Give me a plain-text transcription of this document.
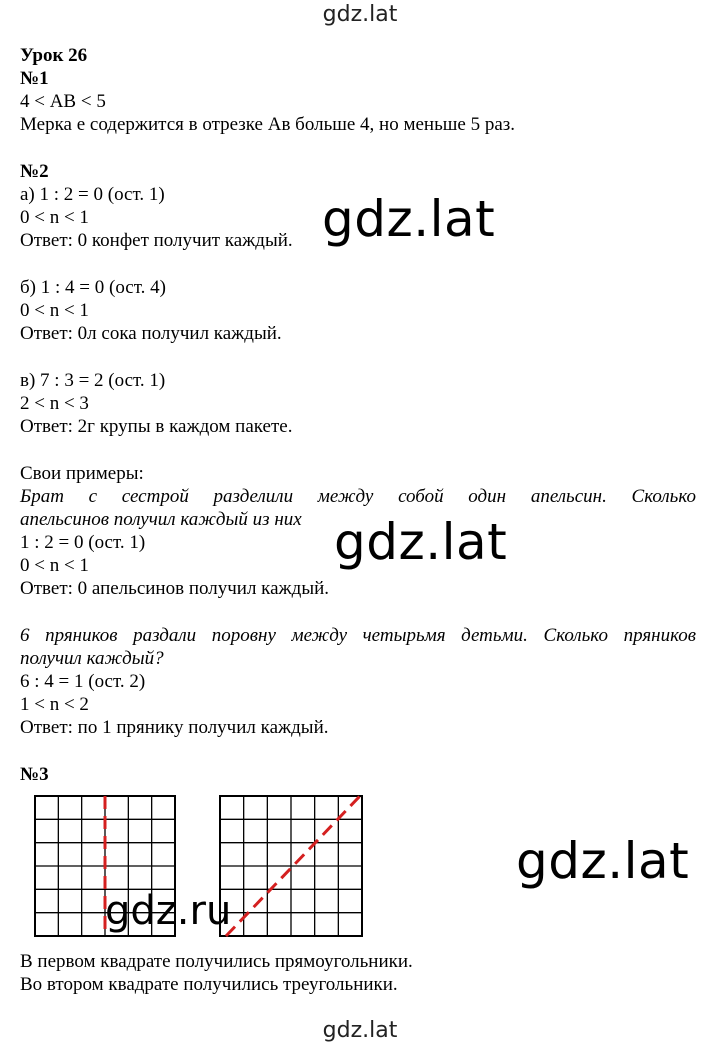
gdz.lat
gdz.lat
gdz.lat
gdz.lat
gdz.lat
Урок 26
№1
4 < АВ < 5
Мерка е содержится в отрезке Ав больше 4, но меньше 5 раз.
№2
а) 1 : 2 = 0 (ост. 1)
0 < n < 1
Ответ: 0 конфет получит каждый.
б) 1 : 4 = 0 (ост. 4)
0 < n < 1
Ответ: 0л сока получил каждый.
в) 7 : 3 = 2 (ост. 1)
2 < n < 3
Ответ: 2г крупы в каждом пакете.
Свои примеры:
Брат с сестрой разделили между собой один апельсин. Сколько
апельсинов получил каждый из них
1 : 2 = 0 (ост. 1)
0 < n < 1
Ответ: 0 апельсинов получил каждый.
6 пряников раздали поровну между четырьмя детьми. Сколько пряников
получил каждый?
6 : 4 = 1 (ост. 2)
1 < n < 2
Ответ: по 1 прянику получил каждый.
№3
gdz.ru
В первом квадрате получились прямоугольники.
Во втором квадрате получились треугольники.
